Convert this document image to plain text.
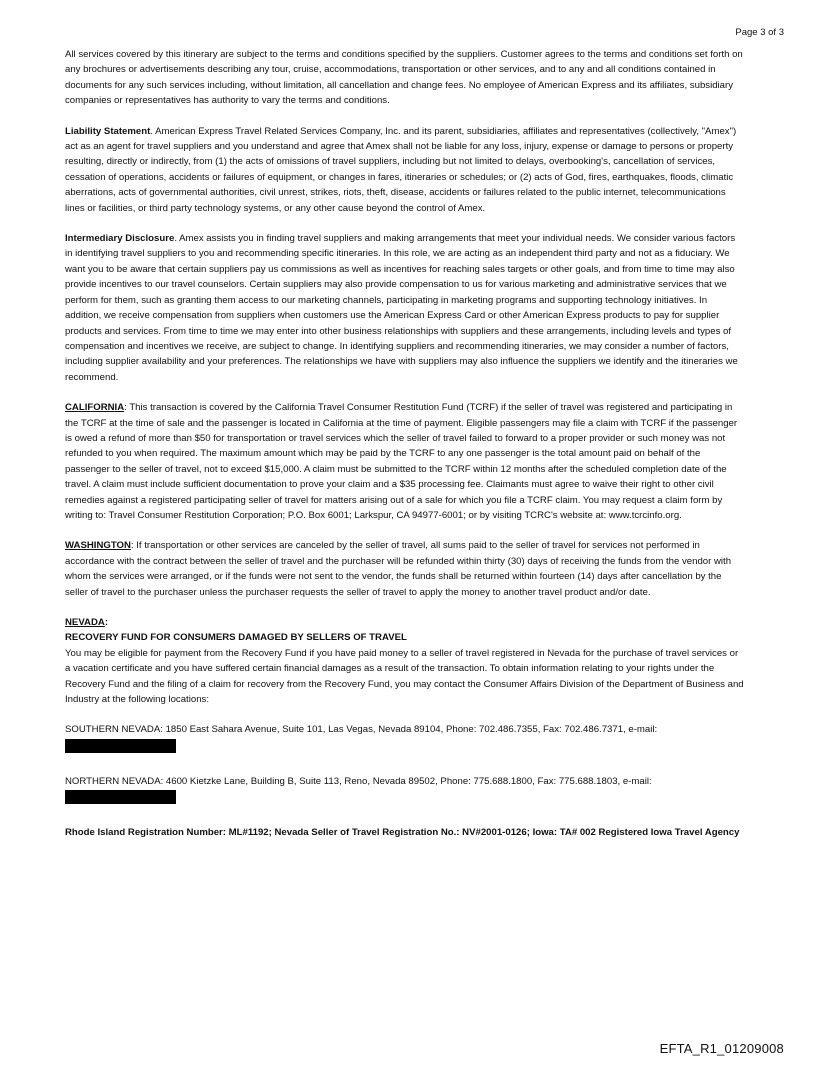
Page 3 of 3

All services covered by this itinerary are subject to the terms and conditions specified by the suppliers. Customer agrees to the terms and conditions set forth on any brochures or advertisements describing any tour, cruise, accommodations, transportation or other services, and to any and all conditions contained in documents for any such services including, without limitation, all cancellation and change fees. No employee of American Express and its affiliates, subsidiary companies or representatives has authority to vary the terms and conditions.

Liability Statement. American Express Travel Related Services Company, Inc. and its parent, subsidiaries, affiliates and representatives (collectively, "Amex") act as an agent for travel suppliers and you understand and agree that Amex shall not be liable for any loss, injury, expense or damage to persons or property resulting, directly or indirectly, from (1) the acts of omissions of travel suppliers, including but not limited to delays, overbooking's, cancellation of services, cessation of operations, accidents or failures of equipment, or changes in fares, itineraries or schedules; or (2) acts of God, fires, earthquakes, floods, climatic aberrations, acts of governmental authorities, civil unrest, strikes, riots, theft, disease, accidents or failures related to the public internet, telecommunications lines or facilities, or third party technology systems, or any other cause beyond the control of Amex.

Intermediary Disclosure. Amex assists you in finding travel suppliers and making arrangements that meet your individual needs. We consider various factors in identifying travel suppliers to you and recommending specific itineraries. In this role, we are acting as an independent third party and not as a fiduciary. We want you to be aware that certain suppliers pay us commissions as well as incentives for reaching sales targets or other goals, and from time to time may also provide incentives to our travel counselors. Certain suppliers may also provide compensation to us for various marketing and administrative services that we perform for them, such as granting them access to our marketing channels, participating in marketing programs and supporting technology initiatives. In addition, we receive compensation from suppliers when customers use the American Express Card or other American Express products to pay for supplier products and services. From time to time we may enter into other business relationships with suppliers and these arrangements, including levels and types of compensation and incentives we receive, are subject to change. In identifying suppliers and recommending itineraries, we may consider a number of factors, including supplier availability and your preferences. The relationships we have with suppliers may also influence the suppliers we identify and the itineraries we recommend.

CALIFORNIA: This transaction is covered by the California Travel Consumer Restitution Fund (TCRF) if the seller of travel was registered and participating in the TCRF at the time of sale and the passenger is located in California at the time of payment. Eligible passengers may file a claim with TCRF if the passenger is owed a refund of more than $50 for transportation or travel services which the seller of travel failed to forward to a proper provider or such money was not refunded to you when required. The maximum amount which may be paid by the TCRF to any one passenger is the total amount paid on behalf of the passenger to the seller of travel, not to exceed $15,000. A claim must be submitted to the TCRF within 12 months after the scheduled completion date of the travel. A claim must include sufficient documentation to prove your claim and a $35 processing fee. Claimants must agree to waive their right to other civil remedies against a registered participating seller of travel for matters arising out of a sale for which you file a TCRF claim. You may request a claim form by writing to: Travel Consumer Restitution Corporation; P.O. Box 6001; Larkspur, CA 94977-6001; or by visiting TCRC's website at: www.tcrcinfo.org.

WASHINGTON: If transportation or other services are canceled by the seller of travel, all sums paid to the seller of travel for services not performed in accordance with the contract between the seller of travel and the purchaser will be refunded within thirty (30) days of receiving the funds from the vendor with whom the services were arranged, or if the funds were not sent to the vendor, the funds shall be returned within fourteen (14) days after cancellation by the seller of travel to the purchaser unless the purchaser requests the seller of travel to apply the money to another travel product and/or date.

NEVADA:

RECOVERY FUND FOR CONSUMERS DAMAGED BY SELLERS OF TRAVEL

You may be eligible for payment from the Recovery Fund if you have paid money to a seller of travel registered in Nevada for the purchase of travel services or a vacation certificate and you have suffered certain financial damages as a result of the transaction. To obtain information relating to your rights under the Recovery Fund and the filing of a claim for recovery from the Recovery Fund, you may contact the Consumer Affairs Division of the Department of Business and Industry at the following locations:

SOUTHERN NEVADA: 1850 East Sahara Avenue, Suite 101, Las Vegas, Nevada 89104, Phone: 702.486.7355, Fax: 702.486.7371, e-mail:
NORTHERN NEVADA: 4600 Kietzke Lane, Building B, Suite 113, Reno, Nevada 89502, Phone: 775.688.1800, Fax: 775.688.1803, e-mail:

Rhode Island Registration Number: ML#1192; Nevada Seller of Travel Registration No.: NV#2001-0126; Iowa: TA# 002 Registered Iowa Travel Agency

EFTA_R1_01209008
